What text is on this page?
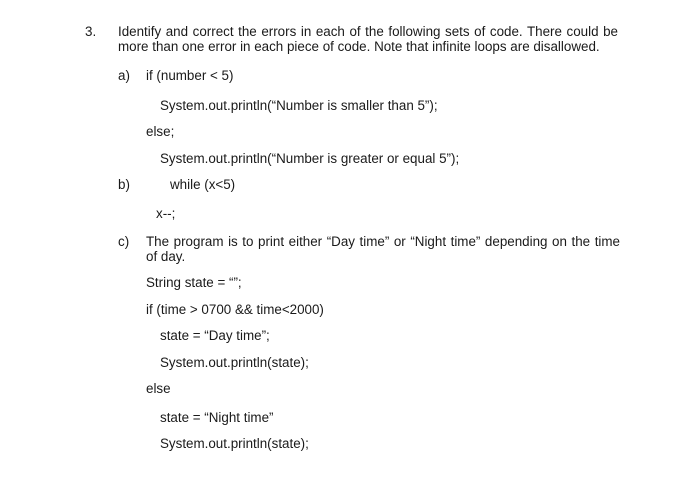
3. Identify and correct the errors in each of the following sets of code. There could be more than one error in each piece of code. Note that infinite loops are disallowed.
a) if (number < 5)
System.out.println(“Number is smaller than 5”);
else;
System.out.println(“Number is greater or equal 5”);
b)	while (x<5)
x--;
c) The program is to print either “Day time” or “Night time” depending on the time of day.
String state = “”;
if (time > 0700 && time<2000)
state = “Day time”;
System.out.println(state);
else
state = “Night time”
System.out.println(state);
